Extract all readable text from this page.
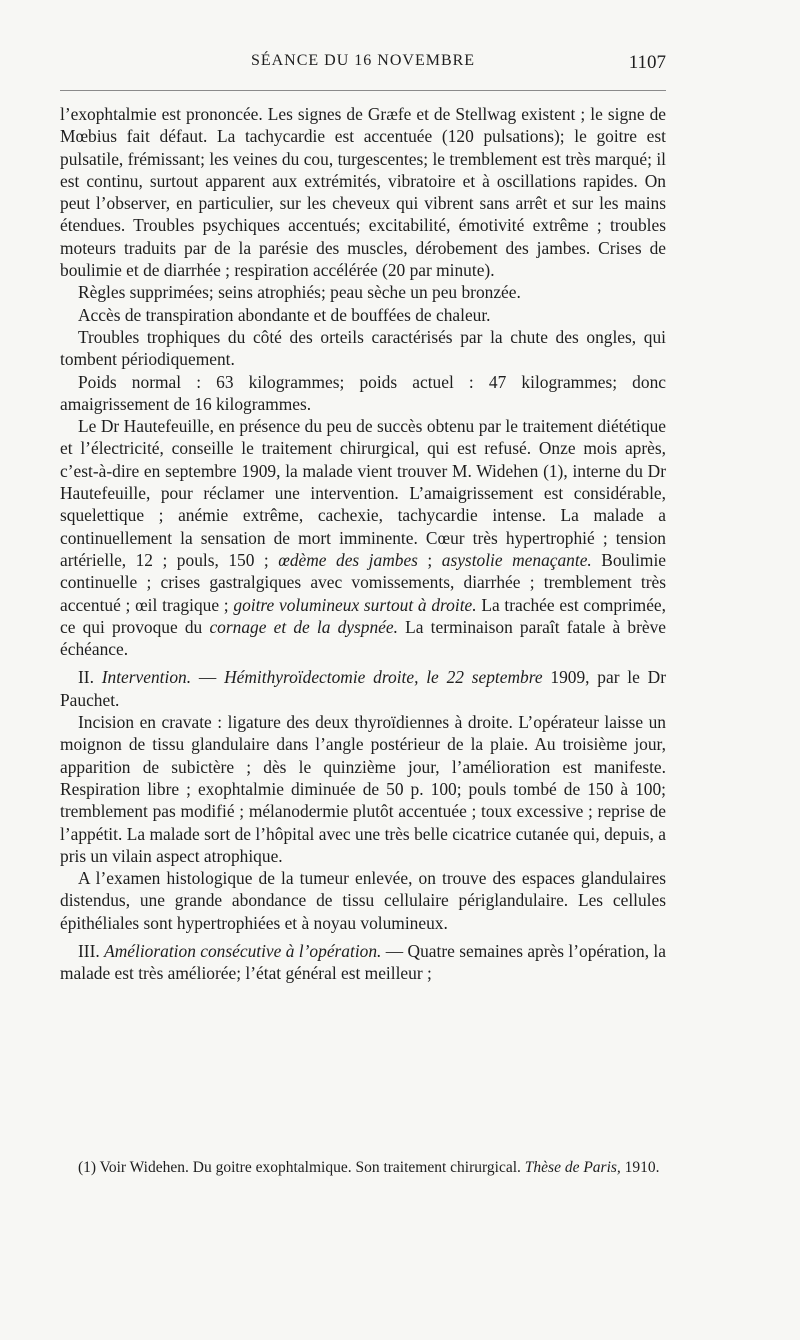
SÉANCE DU 16 NOVEMBRE	1107

l’exophtalmie est prononcée. Les signes de Græfe et de Stellwag existent ; le signe de Mœbius fait défaut. La tachycardie est accentuée (120 pulsations); le goitre est pulsatile, frémissant; les veines du cou, turgescentes; le tremblement est très marqué; il est continu, surtout apparent aux extrémités, vibratoire et à oscillations rapides. On peut l’observer, en particulier, sur les cheveux qui vibrent sans arrêt et sur les mains étendues. Troubles psychiques accentués; excitabilité, émotivité extrême ; troubles moteurs traduits par de la parésie des muscles, dérobement des jambes. Crises de boulimie et de diarrhée ; respiration accélérée (20 par minute).

Règles supprimées; seins atrophiés; peau sèche un peu bronzée.

Accès de transpiration abondante et de bouffées de chaleur.

Troubles trophiques du côté des orteils caractérisés par la chute des ongles, qui tombent périodiquement.

Poids normal : 63 kilogrammes; poids actuel : 47 kilogrammes; donc amaigrissement de 16 kilogrammes.

Le Dr Hautefeuille, en présence du peu de succès obtenu par le traitement diététique et l’électricité, conseille le traitement chirurgical, qui est refusé. Onze mois après, c’est-à-dire en septembre 1909, la malade vient trouver M. Widehen (1), interne du Dr Hautefeuille, pour réclamer une intervention. L’amaigrissement est considérable, squelettique ; anémie extrême, cachexie, tachycardie intense. La malade a continuellement la sensation de mort imminente. Cœur très hypertrophié ; tension artérielle, 12 ; pouls, 150 ; œdème des jambes ; asystolie menaçante. Boulimie continuelle ; crises gastralgiques avec vomissements, diarrhée ; tremblement très accentué ; œil tragique ; goitre volumineux surtout à droite. La trachée est comprimée, ce qui provoque du cornage et de la dyspnée. La terminaison paraît fatale à brève échéance.

II. Intervention. — Hémithyroïdectomie droite, le 22 septembre 1909, par le Dr Pauchet.

Incision en cravate : ligature des deux thyroïdiennes à droite. L’opérateur laisse un moignon de tissu glandulaire dans l’angle postérieur de la plaie. Au troisième jour, apparition de subictère ; dès le quinzième jour, l’amélioration est manifeste. Respiration libre ; exophtalmie diminuée de 50 p. 100; pouls tombé de 150 à 100; tremblement pas modifié ; mélanodermie plutôt accentuée ; toux excessive ; reprise de l’appétit. La malade sort de l’hôpital avec une très belle cicatrice cutanée qui, depuis, a pris un vilain aspect atrophique.

A l’examen histologique de la tumeur enlevée, on trouve des espaces glandulaires distendus, une grande abondance de tissu cellulaire périglandulaire. Les cellules épithéliales sont hypertrophiées et à noyau volumineux.

III. Amélioration consécutive à l’opération. — Quatre semaines après l’opération, la malade est très améliorée; l’état général est meilleur ;

(1) Voir Widehen. Du goitre exophtalmique. Son traitement chirurgical. Thèse de Paris, 1910.
